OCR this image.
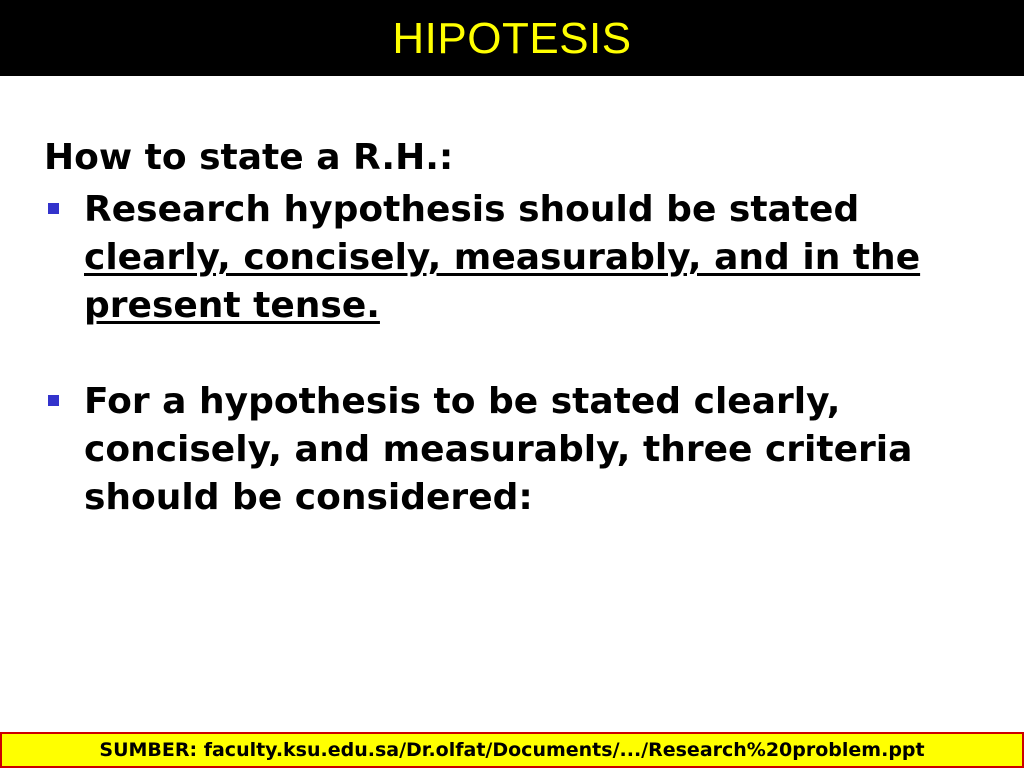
HIPOTESIS
How to state a R.H.:
Research hypothesis should be stated clearly, concisely, measurably, and in the present tense.
For a hypothesis to be stated clearly, concisely, and measurably, three criteria should be considered:
SUMBER: faculty.ksu.edu.sa/Dr.olfat/Documents/.../Research%20problem.ppt
